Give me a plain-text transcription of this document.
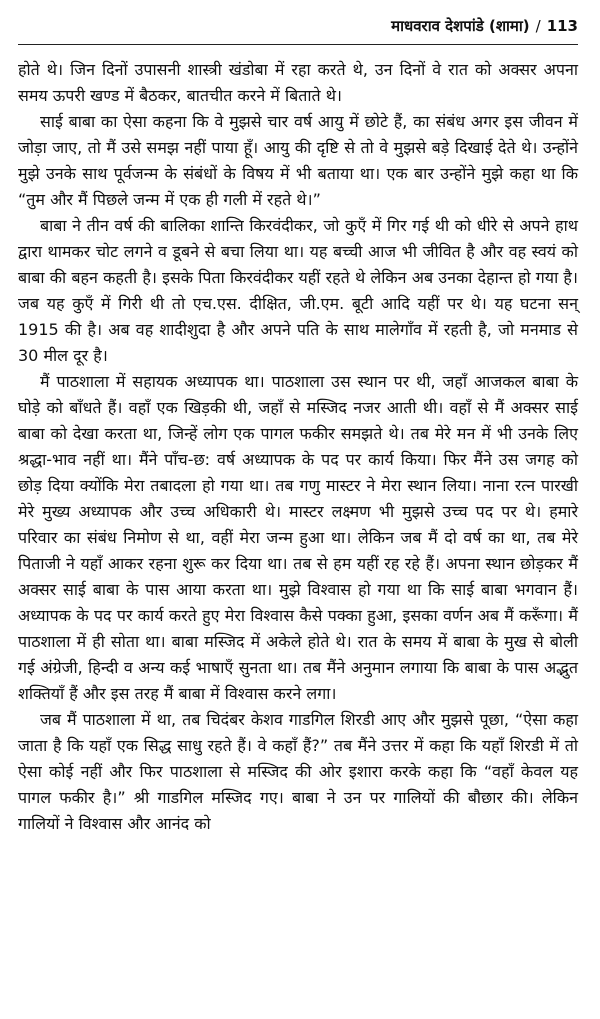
माधवराव देशपांडे (शामा) / 113

होते थे। जिन दिनों उपासनी शास्त्री खंडोबा में रहा करते थे, उन दिनों वे रात को अक्सर अपना समय ऊपरी खण्ड में बैठकर, बातचीत करने में बिताते थे।

साई बाबा का ऐसा कहना कि वे मुझसे चार वर्ष आयु में छोटे हैं, का संबंध अगर इस जीवन में जोड़ा जाए, तो मैं उसे समझ नहीं पाया हूँ। आयु की दृष्टि से तो वे मुझसे बड़े दिखाई देते थे। उन्होंने मुझे उनके साथ पूर्वजन्म के संबंधों के विषय में भी बताया था। एक बार उन्होंने मुझे कहा था कि “तुम और मैं पिछले जन्म में एक ही गली में रहते थे।”

बाबा ने तीन वर्ष की बालिका शान्ति किरवंदीकर, जो कुएँ में गिर गई थी को धीरे से अपने हाथ द्वारा थामकर चोट लगने व डूबने से बचा लिया था। यह बच्ची आज भी जीवित है और वह स्वयं को बाबा की बहन कहती है। इसके पिता किरवंदीकर यहीं रहते थे लेकिन अब उनका देहान्त हो गया है। जब यह कुएँ में गिरी थी तो एच.एस. दीक्षित, जी.एम. बूटी आदि यहीं पर थे। यह घटना सन् 1915 की है। अब वह शादीशुदा है और अपने पति के साथ मालेगाँव में रहती है, जो मनमाड से 30 मील दूर है।

मैं पाठशाला में सहायक अध्यापक था। पाठशाला उस स्थान पर थी, जहाँ आजकल बाबा के घोड़े को बाँधते हैं। वहाँ एक खिड़की थी, जहाँ से मस्जिद नजर आती थी। वहाँ से मैं अक्सर साई बाबा को देखा करता था, जिन्हें लोग एक पागल फकीर समझते थे। तब मेरे मन में भी उनके लिए श्रद्धा-भाव नहीं था। मैंने पाँच-छ: वर्ष अध्यापक के पद पर कार्य किया। फिर मैंने उस जगह को छोड़ दिया क्योंकि मेरा तबादला हो गया था। तब गणु मास्टर ने मेरा स्थान लिया। नाना रत्न पारखी मेरे मुख्य अध्यापक और उच्च अधिकारी थे। मास्टर लक्ष्मण भी मुझसे उच्च पद पर थे। हमारे परिवार का संबंध निमोण से था, वहीं मेरा जन्म हुआ था। लेकिन जब मैं दो वर्ष का था, तब मेरे पिताजी ने यहाँ आकर रहना शुरू कर दिया था। तब से हम यहीं रह रहे हैं। अपना स्थान छोड़कर मैं अक्सर साई बाबा के पास आया करता था। मुझे विश्वास हो गया था कि साई बाबा भगवान हैं। अध्यापक के पद पर कार्य करते हुए मेरा विश्वास कैसे पक्का हुआ, इसका वर्णन अब मैं करूँगा। मैं पाठशाला में ही सोता था। बाबा मस्जिद में अकेले होते थे। रात के समय में बाबा के मुख से बोली गई अंग्रेजी, हिन्दी व अन्य कई भाषाएँ सुनता था। तब मैंने अनुमान लगाया कि बाबा के पास अद्भुत शक्तियाँ हैं और इस तरह मैं बाबा में विश्वास करने लगा।

जब मैं पाठशाला में था, तब चिदंबर केशव गाडगिल शिरडी आए और मुझसे पूछा, “ऐसा कहा जाता है कि यहाँ एक सिद्ध साधु रहते हैं। वे कहाँ हैं?” तब मैंने उत्तर में कहा कि यहाँ शिरडी में तो ऐसा कोई नहीं और फिर पाठशाला से मस्जिद की ओर इशारा करके कहा कि “वहाँ केवल यह पागल फकीर है।” श्री गाडगिल मस्जिद गए। बाबा ने उन पर गालियों की बौछार की। लेकिन गालियों ने विश्वास और आनंद को
